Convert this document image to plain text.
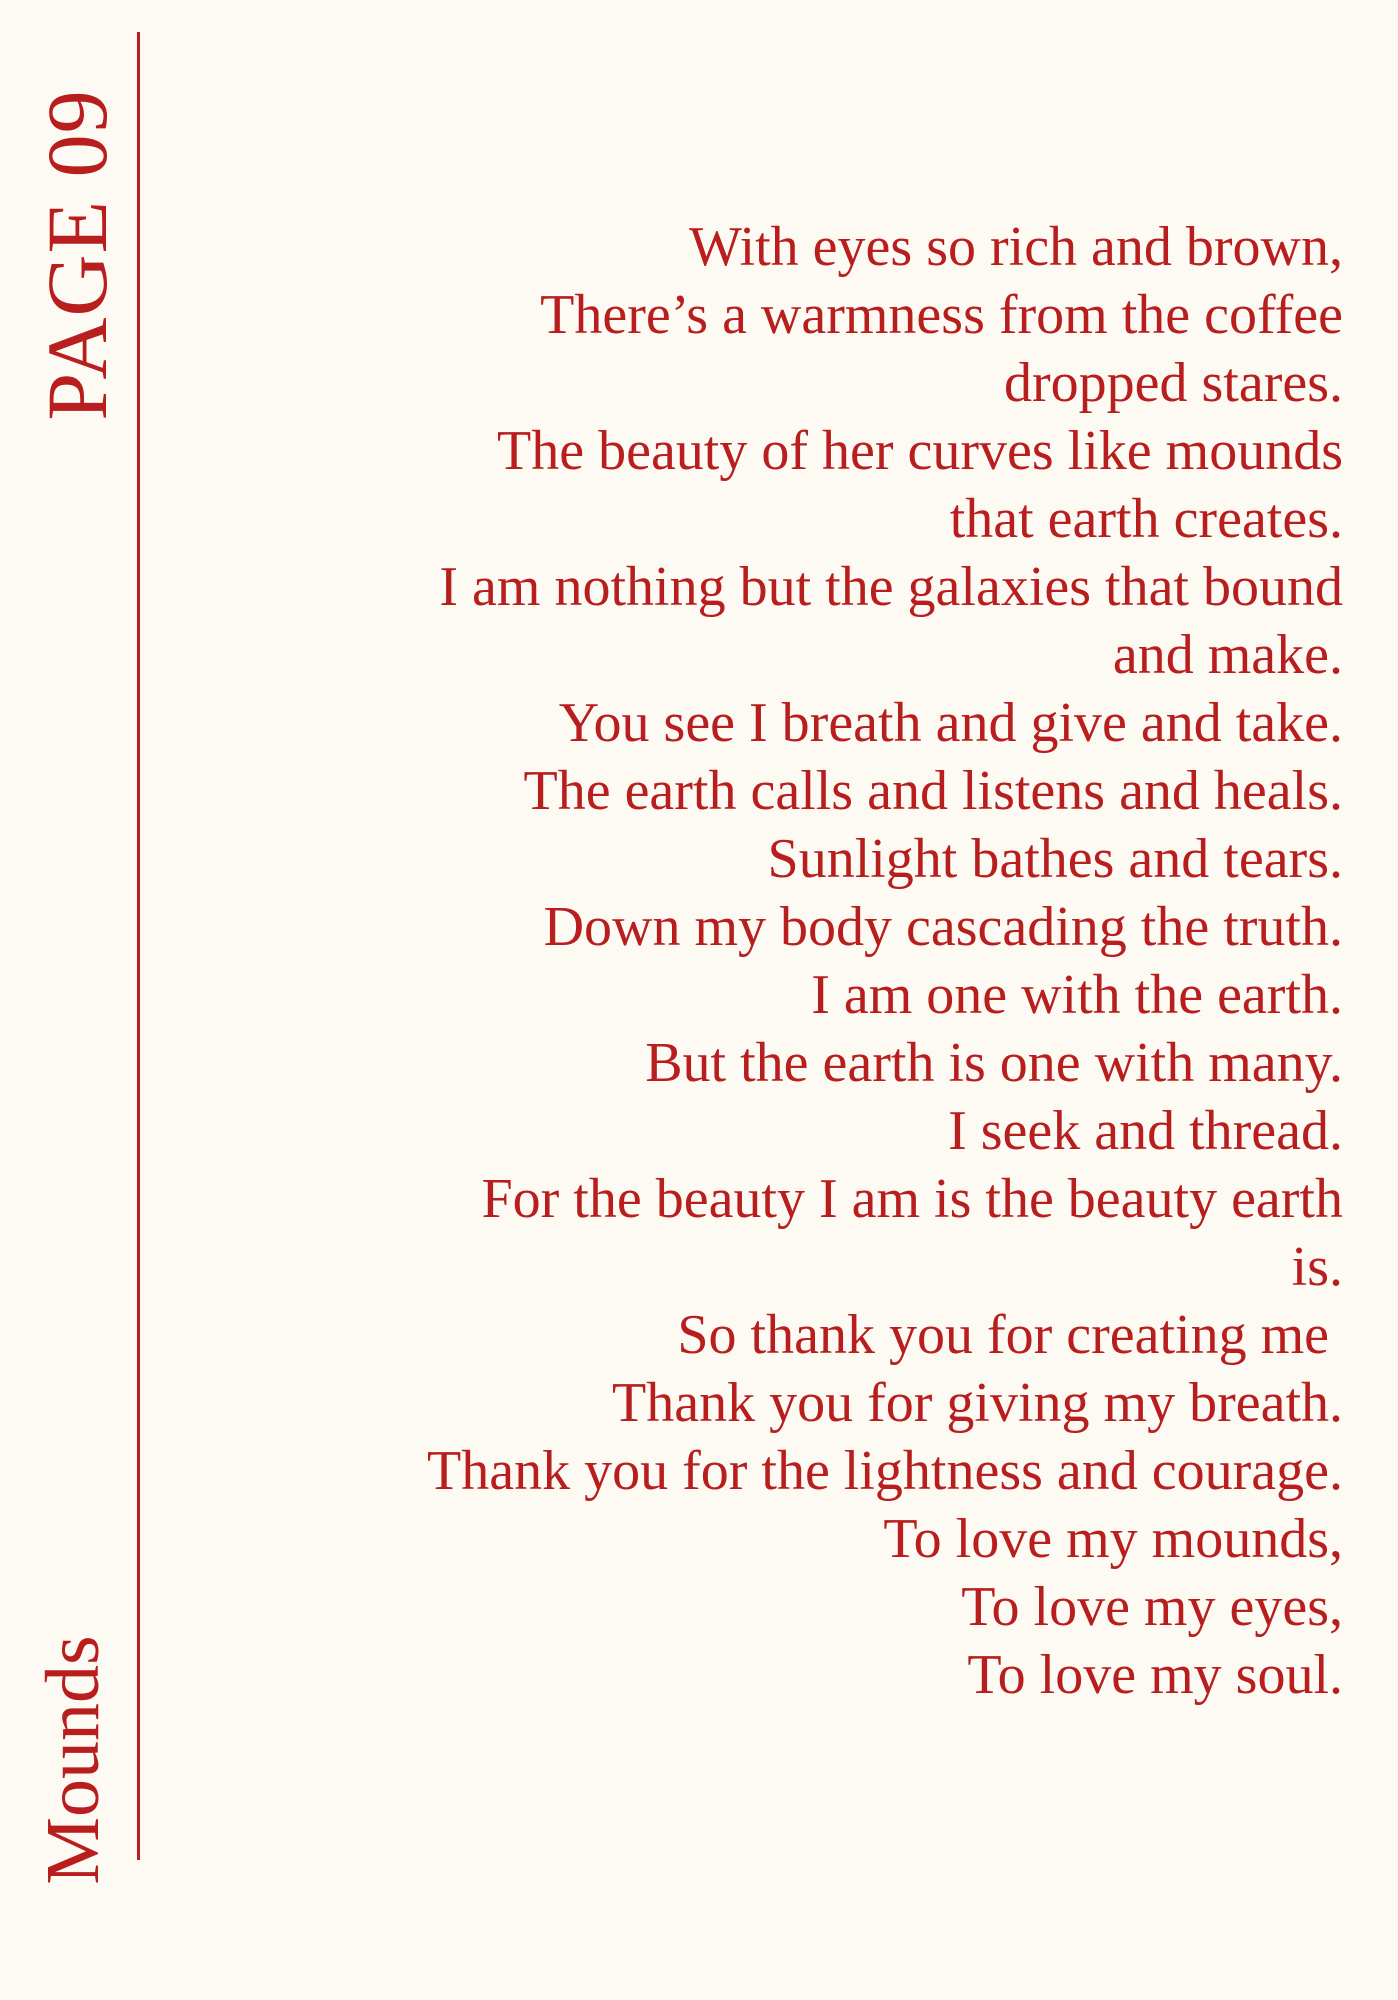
PAGE 09
Mounds
With eyes so rich and brown,
There’s a warmness from the coffee
dropped stares.
The beauty of her curves like mounds
that earth creates.
I am nothing but the galaxies that bound
and make.
You see I breath and give and take.
The earth calls and listens and heals.
Sunlight bathes and tears.
Down my body cascading the truth.
I am one with the earth.
But the earth is one with many.
I seek and thread.
For the beauty I am is the beauty earth
is.
So thank you for creating me
Thank you for giving my breath.
Thank you for the lightness and courage.
To love my mounds,
To love my eyes,
To love my soul.
